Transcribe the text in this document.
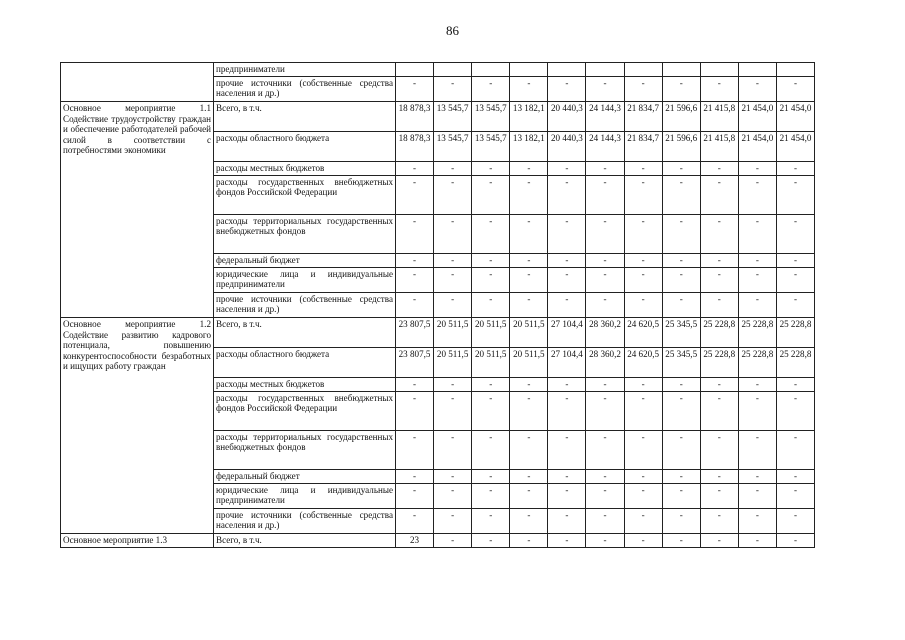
86
	предприниматели											
	прочие источники (собственные средства населения и др.)	-	-	-	-	-	-	-	-	-	-	-
Основное мероприятие 1.1 Содействие трудоустройству граждан и обеспечение работодателей рабочей силой в соответствии с потребностями экономики	Всего, в т.ч.	18 878,3	13 545,7	13 545,7	13 182,1	20 440,3	24 144,3	21 834,7	21 596,6	21 415,8	21 454,0	21 454,0
	расходы областного бюджета	18 878,3	13 545,7	13 545,7	13 182,1	20 440,3	24 144,3	21 834,7	21 596,6	21 415,8	21 454,0	21 454,0
	расходы местных бюджетов	-	-	-	-	-	-	-	-	-	-	-
	расходы государственных внебюджетных фондов Российской Федерации	-	-	-	-	-	-	-	-	-	-	-
	расходы территориальных государственных внебюджетных фондов	-	-	-	-	-	-	-	-	-	-	-
	федеральный бюджет	-	-	-	-	-	-	-	-	-	-	-
	юридические лица и индивидуальные предприниматели	-	-	-	-	-	-	-	-	-	-	-
	прочие источники (собственные средства населения и др.)	-	-	-	-	-	-	-	-	-	-	-
Основное мероприятие 1.2 Содействие развитию кадрового потенциала, повышению конкурентоспособности безработных и ищущих работу граждан	Всего, в т.ч.	23 807,5	20 511,5	20 511,5	20 511,5	27 104,4	28 360,2	24 620,5	25 345,5	25 228,8	25 228,8	25 228,8
	расходы областного бюджета	23 807,5	20 511,5	20 511,5	20 511,5	27 104,4	28 360,2	24 620,5	25 345,5	25 228,8	25 228,8	25 228,8
	расходы местных бюджетов	-	-	-	-	-	-	-	-	-	-	-
	расходы государственных внебюджетных фондов Российской Федерации	-	-	-	-	-	-	-	-	-	-	-
	расходы территориальных государственных внебюджетных фондов	-	-	-	-	-	-	-	-	-	-	-
	федеральный бюджет	-	-	-	-	-	-	-	-	-	-	-
	юридические лица и индивидуальные предприниматели	-	-	-	-	-	-	-	-	-	-	-
	прочие источники (собственные средства населения и др.)	-	-	-	-	-	-	-	-	-	-	-
Основное мероприятие 1.3	Всего, в т.ч.	23	-	-	-	-	-	-	-	-	-	-
